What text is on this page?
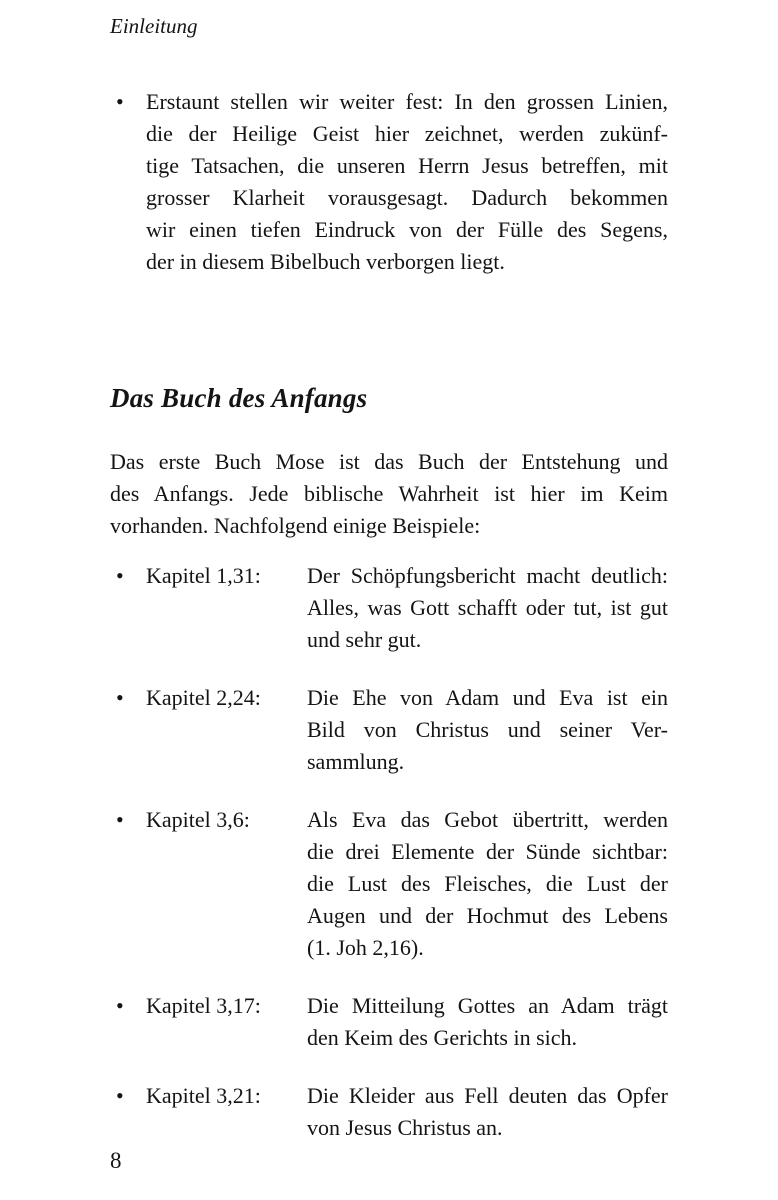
Einleitung
•	Erstaunt stellen wir weiter fest: In den grossen Linien,
die der Heilige Geist hier zeichnet, werden zukünf-
tige Tatsachen, die unseren Herrn Jesus betreffen, mit
grosser Klarheit vorausgesagt. Dadurch bekommen
wir einen tiefen Eindruck von der Fülle des Segens,
der in diesem Bibelbuch verborgen liegt.
Das Buch des Anfangs
Das erste Buch Mose ist das Buch der Entstehung und
des Anfangs. Jede biblische Wahrheit ist hier im Keim
vorhanden. Nachfolgend einige Beispiele:
•	Kapitel 1,31:	Der Schöpfungsbericht macht deutlich:
Alles, was Gott schafft oder tut, ist gut
und sehr gut.
•	Kapitel 2,24:	Die Ehe von Adam und Eva ist ein
Bild von Christus und seiner Ver-
sammlung.
•	Kapitel 3,6:	Als Eva das Gebot übertritt, werden
die drei Elemente der Sünde sichtbar:
die Lust des Fleisches, die Lust der
Augen und der Hochmut des Lebens
(1. Joh 2,16).
•	Kapitel 3,17:	Die Mitteilung Gottes an Adam trägt
den Keim des Gerichts in sich.
•	Kapitel 3,21:	Die Kleider aus Fell deuten das Opfer
von Jesus Christus an.
8
